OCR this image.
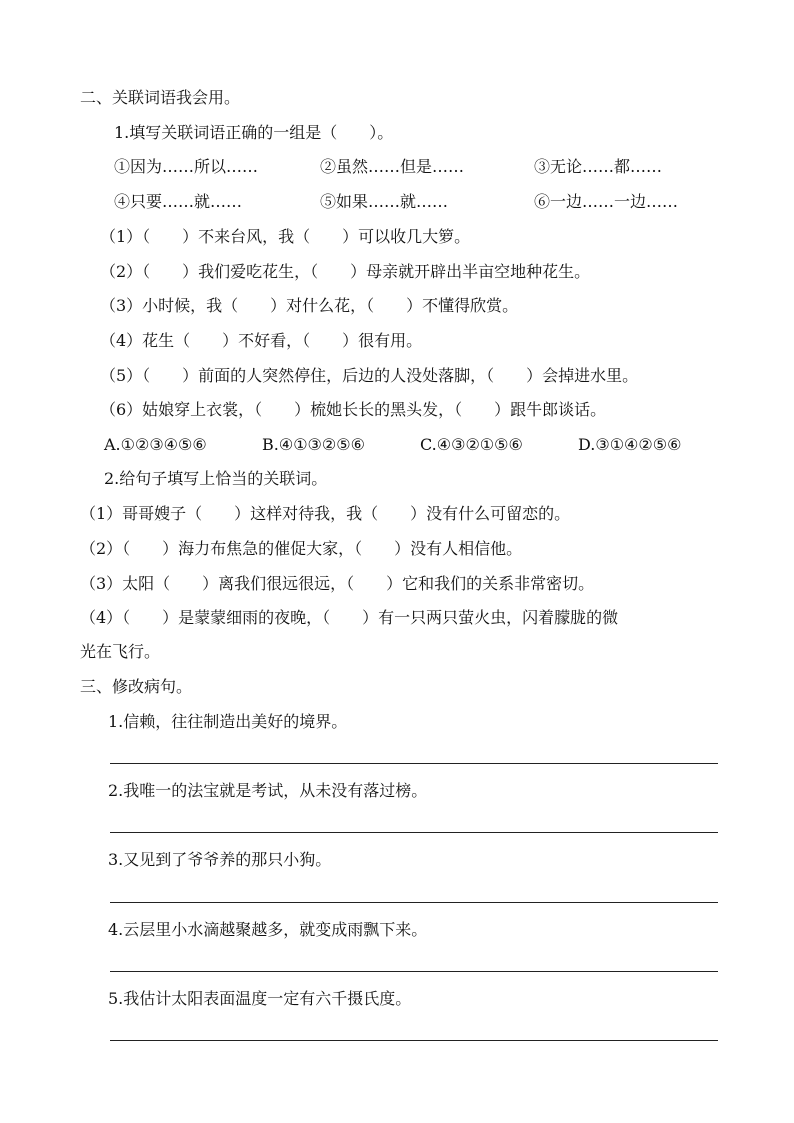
二、关联词语我会用。
1.填写关联词语正确的一组是（　　）。
①因为……所以……	②虽然……但是……	③无论……都……
④只要……就……	⑤如果……就……	⑥一边……一边……
（1）（　　）不来台风，我（　　）可以收几大箩。
（2）（　　）我们爱吃花生，（　　）母亲就开辟出半亩空地种花生。
（3）小时候，我（　　）对什么花，（　　）不懂得欣赏。
（4）花生（　　）不好看，（　　）很有用。
（5）（　　）前面的人突然停住，后边的人没处落脚，（　　）会掉进水里。
（6）姑娘穿上衣裳，（　　）梳她长长的黑头发，（　　）跟牛郎谈话。
A.①②③④⑤⑥	B.④①③②⑤⑥	C.④③②①⑤⑥	D.③①④②⑤⑥
2.给句子填写上恰当的关联词。
（1）哥哥嫂子（　　）这样对待我，我（　　）没有什么可留恋的。
（2）（　　）海力布焦急的催促大家，（　　）没有人相信他。
（3）太阳（　　）离我们很远很远，（　　）它和我们的关系非常密切。
（4）（　　）是蒙蒙细雨的夜晚，（　　）有一只两只萤火虫，闪着朦胧的微
光在飞行。
三、修改病句。
1.信赖，往往制造出美好的境界。
2.我唯一的法宝就是考试，从未没有落过榜。
3.又见到了爷爷养的那只小狗。
4.云层里小水滴越聚越多，就变成雨飘下来。
5.我估计太阳表面温度一定有六千摄氏度。
